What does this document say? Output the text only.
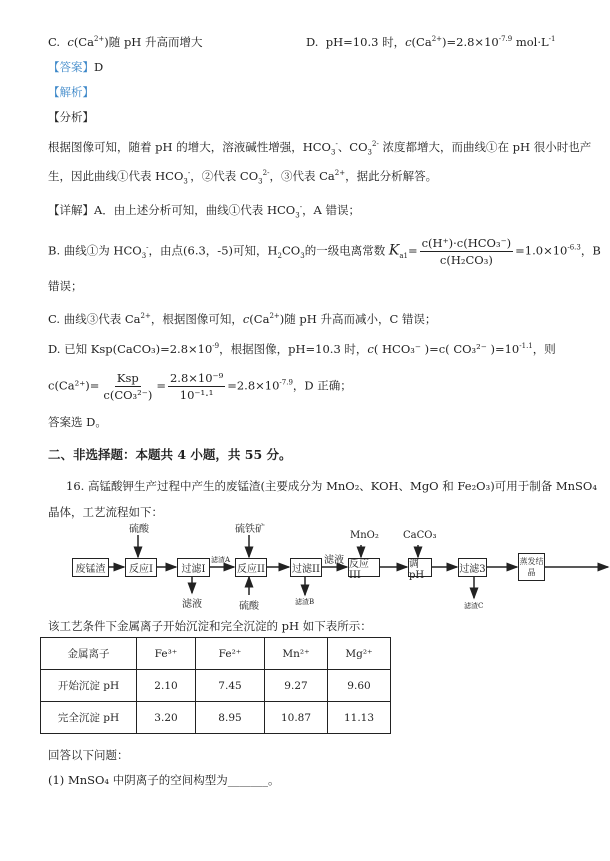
C. $c(Ca^{2+})$随 pH 升高而增大	D. pH=10.3 时，$c(Ca^{2+})=2.8\times 10^{-7.9}$ $mol\cdot L^{-1}$
【答案】D
【解析】
【分析】
根据图像可知，随着 pH 的增大，溶液碱性增强，$HCO_3^-$、$CO_3^{2-}$ 浓度都增大，而曲线①在 pH 很小时也产
生，因此曲线①代表 $HCO_3^-$，②代表 $CO_3^{2-}$，③代表 $Ca^{2+}$，据此分析解答。
【详解】A．由上述分析可知，曲线①代表 $HCO_3^-$，A 错误；
B. 曲线①为 $HCO_3^-$，由点(6.3，-5)可知，$H_2CO_3$的一级电离常数 $K_{a1}= \frac{\text{c(H⁺)·c(HCO₃⁻)}}{\text{c(H₂CO₃)}} =1.0\times 10^{-6.3}$，B
错误；
C. 曲线③代表 $Ca^{2+}$，根据图像可知，$c(Ca^{2+})$随 pH 升高而减小，C 错误；
D. 已知 $Ksp(CaCO_3)=2.8\times 10^{-9}$，根据图像，pH=10.3 时，c( HCO₃⁻ )=c( CO₃²⁻ )$=10^{-1.1}$，则
$c(Ca^{2+})= \frac{\text{Ksp}}{\text{c(CO₃²⁻)}} = \frac{\text{2.8×10⁻⁹}}{\text{10⁻¹·¹}} =2.8\times 10^{-7.9}$，D 正确；
答案选 D。
二、非选择题：本题共 4 小题，共 55 分。
16. 高锰酸钾生产过程中产生的废锰渣(主要成分为 MnO₂、KOH、MgO 和 Fe₂O₃)可用于制备 MnSO₄
晶体，工艺流程如下：
废锰渣	反应I	过滤I	反应II	过滤II	反应III
调pH	过滤3
蒸发结晶
硫酸	硫铁矿
MnO₂ CaCO₃
滤液	硫酸	滤渣B	滤渣C
滤渣A	滤液
该工艺条件下金属离子开始沉淀和完全沉淀的 pH 如下表所示：
金属离子	Fe³⁺	Fe²⁺	Mn²⁺	Mg²⁺
开始沉淀 pH	2.10	7.45	9.27	9.60
完全沉淀 pH	3.20	8.95	10.87	11.13
回答以下问题：
(1) MnSO₄ 中阴离子的空间构型为_______。
